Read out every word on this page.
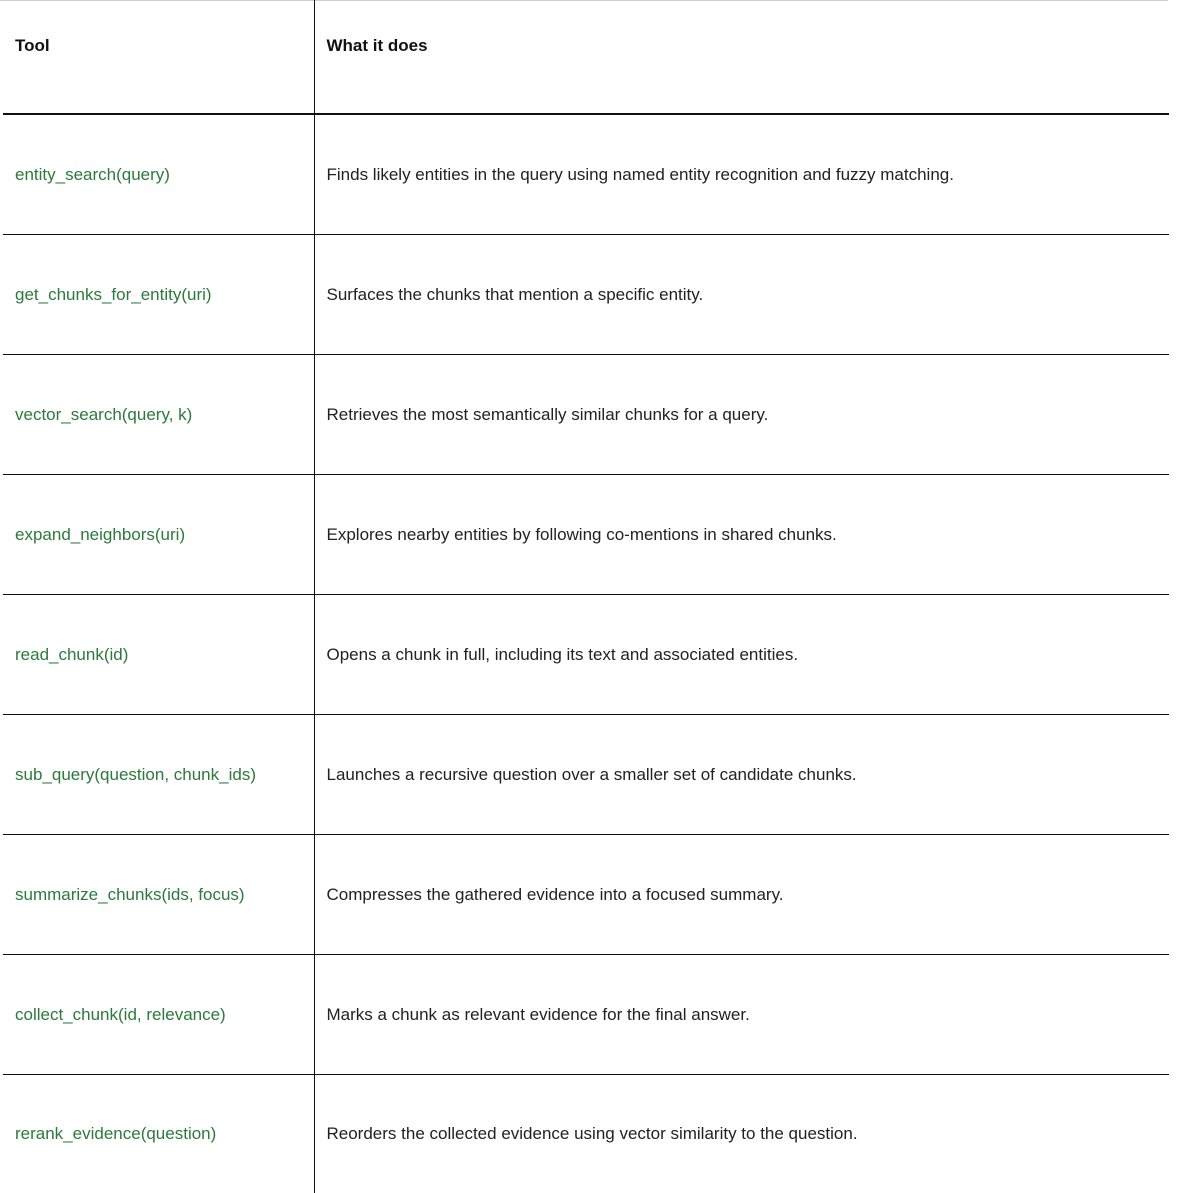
Tool	What it does
entity_search(query)	Finds likely entities in the query using named entity recognition and fuzzy matching.
get_chunks_for_entity(uri)	Surfaces the chunks that mention a specific entity.
vector_search(query, k)	Retrieves the most semantically similar chunks for a query.
expand_neighbors(uri)	Explores nearby entities by following co-mentions in shared chunks.
read_chunk(id)	Opens a chunk in full, including its text and associated entities.
sub_query(question, chunk_ids)	Launches a recursive question over a smaller set of candidate chunks.
summarize_chunks(ids, focus)	Compresses the gathered evidence into a focused summary.
collect_chunk(id, relevance)	Marks a chunk as relevant evidence for the final answer.
rerank_evidence(question)	Reorders the collected evidence using vector similarity to the question.
